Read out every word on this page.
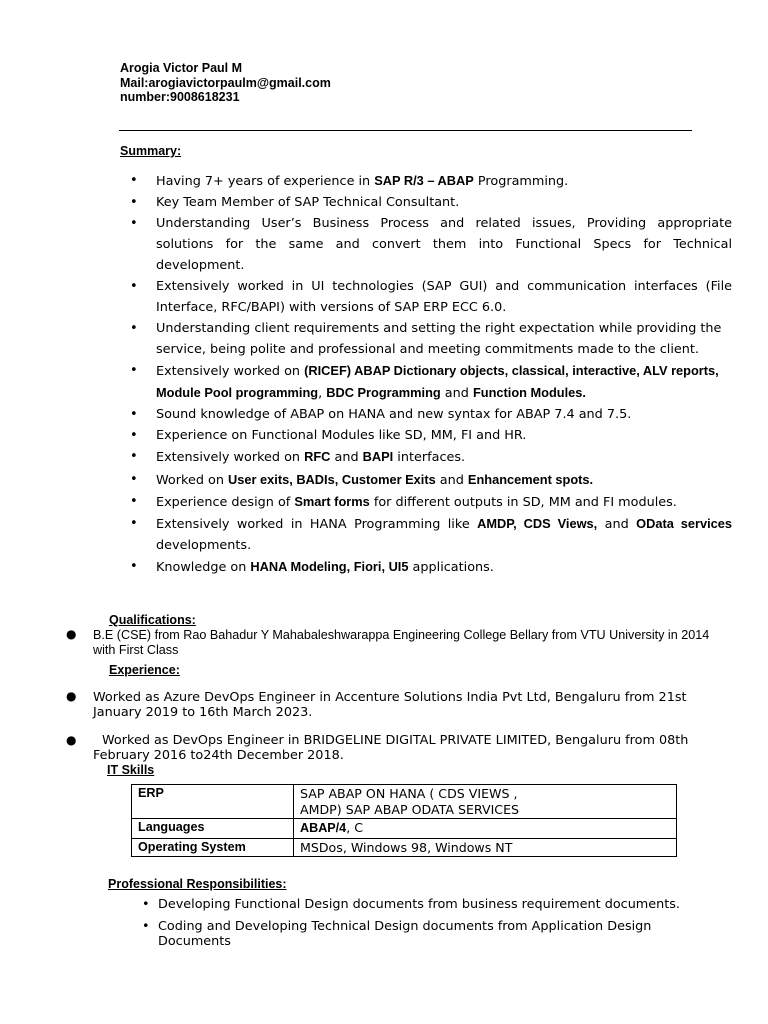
Arogia Victor Paul M
Mail:arogiavictorpaulm@gmail.com
number:9008618231
Summary:
• Having 7+ years of experience in SAP R/3 – ABAP Programming.
• Key Team Member of SAP Technical Consultant.
• Understanding User’s Business Process and related issues, Providing appropriate solutions for the same and convert them into Functional Specs for Technical development.
• Extensively worked in UI technologies (SAP GUI) and communication interfaces (File Interface, RFC/BAPI) with versions of SAP ERP ECC 6.0.
• Understanding client requirements and setting the right expectation while providing the service, being polite and professional and meeting commitments made to the client.
• Extensively worked on (RICEF) ABAP Dictionary objects, classical, interactive, ALV reports, Module Pool programming, BDC Programming and Function Modules.
• Sound knowledge of ABAP on HANA and new syntax for ABAP 7.4 and 7.5.
• Experience on Functional Modules like SD, MM, FI and HR.
• Extensively worked on RFC and BAPI interfaces.
• Worked on User exits, BADIs, Customer Exits and Enhancement spots.
• Experience design of Smart forms for different outputs in SD, MM and FI modules.
• Extensively worked in HANA Programming like AMDP, CDS Views, and OData services developments.
• Knowledge on HANA Modeling, Fiori, UI5 applications.
Qualifications:
● B.E (CSE) from Rao Bahadur Y Mahabaleshwarappa Engineering College Bellary from VTU University in 2014 with First Class
Experience:
● Worked as Azure DevOps Engineer in Accenture Solutions India Pvt Ltd, Bengaluru from 21st January 2019 to 16th March 2023.
●	Worked as DevOps Engineer in BRIDGELINE DIGITAL PRIVATE LIMITED, Bengaluru from 08th February 2016 to24th December 2018.
IT Skills
ERP	SAP ABAP ON HANA ( CDS VIEWS , AMDP) SAP ABAP ODATA SERVICES
Languages	ABAP/4, C
Operating System	MSDos, Windows 98, Windows NT
Professional Responsibilities:
• Developing Functional Design documents from business requirement documents.
• Coding and Developing Technical Design documents from Application Design Documents
